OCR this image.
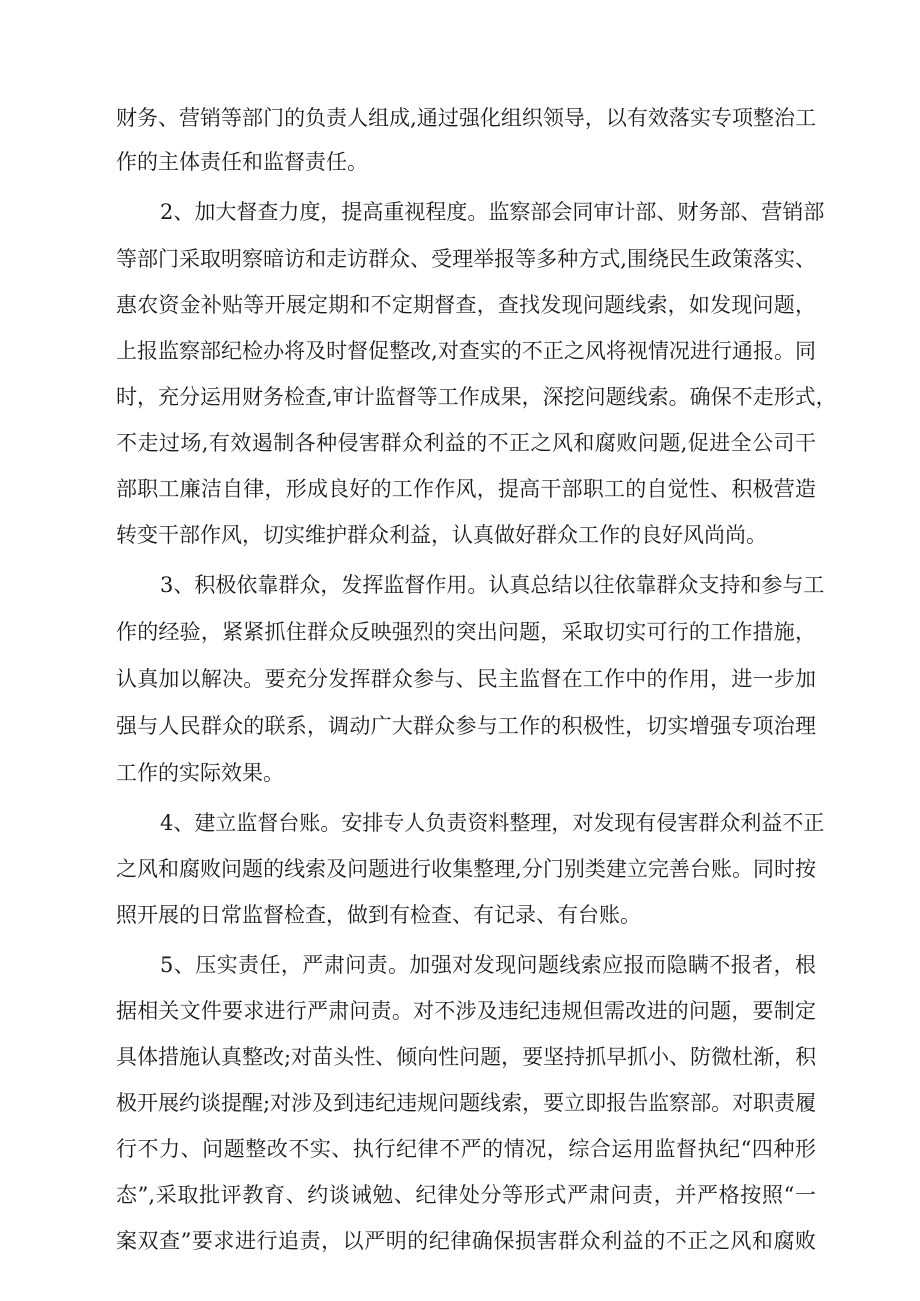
财务、营销等部门的负责人组成,通过强化组织领导，以有效落实专项整治工
作的主体责任和监督责任。
2、加大督查力度，提高重视程度。监察部会同审计部、财务部、营销部
等部门采取明察暗访和走访群众、受理举报等多种方式,围绕民生政策落实、
惠农资金补贴等开展定期和不定期督查，查找发现问题线索，如发现问题，
上报监察部纪检办将及时督促整改,对查实的不正之风将视情况进行通报。同
时，充分运用财务检查,审计监督等工作成果，深挖问题线索。确保不走形式，
不走过场,有效遏制各种侵害群众利益的不正之风和腐败问题,促进全公司干
部职工廉洁自律，形成良好的工作作风，提高干部职工的自觉性、积极营造
转变干部作风，切实维护群众利益，认真做好群众工作的良好风尚尚。
3、积极依靠群众，发挥监督作用。认真总结以往依靠群众支持和参与工
作的经验，紧紧抓住群众反映强烈的突出问题，采取切实可行的工作措施，
认真加以解决。要充分发挥群众参与、民主监督在工作中的作用，进一步加
强与人民群众的联系，调动广大群众参与工作的积极性，切实增强专项治理
工作的实际效果。
4、建立监督台账。安排专人负责资料整理，对发现有侵害群众利益不正
之风和腐败问题的线索及问题进行收集整理,分门别类建立完善台账。同时按
照开展的日常监督检查，做到有检查、有记录、有台账。
5、压实责任，严肃问责。加强对发现问题线索应报而隐瞒不报者，根
据相关文件要求进行严肃问责。对不涉及违纪违规但需改进的问题，要制定
具体措施认真整改;对苗头性、倾向性问题，要坚持抓早抓小、防微杜渐，积
极开展约谈提醒;对涉及到违纪违规问题线索，要立即报告监察部。对职责履
行不力、问题整改不实、执行纪律不严的情况，综合运用监督执纪“四种形
态”,采取批评教育、约谈诫勉、纪律处分等形式严肃问责，并严格按照“一
案双查”要求进行追责，以严明的纪律确保损害群众利益的不正之风和腐败
